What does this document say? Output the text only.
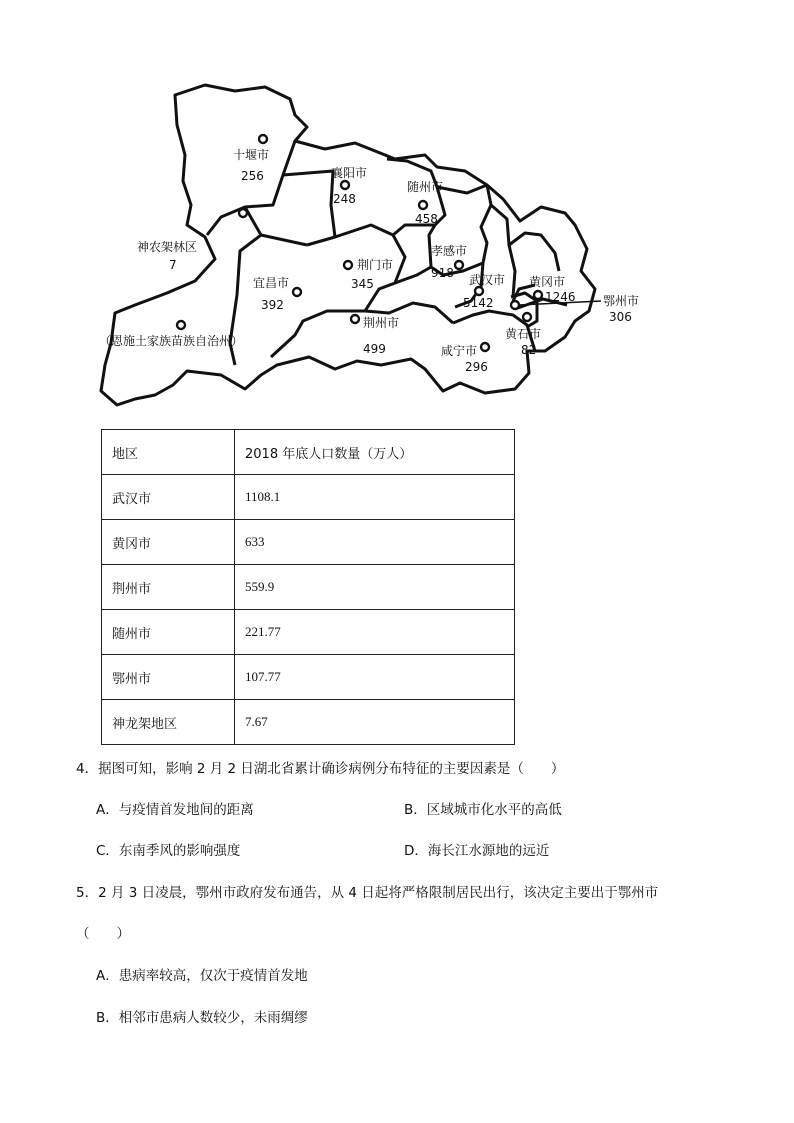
十堰市
256	襄阳市
248
随州市
458
神农架林区
7
宜昌市
392
荆门市
345
孝感市
918 武汉市
5142
黄冈市
1246 鄂州市
306
（恩施土家族苗族自治州）
荆州市
499	咸宁市
296
黄石市
82
地区	2018 年底人口数量（万人）
武汉市	1108.1
黄冈市	633
荆州市	559.9
随州市	221.77
鄂州市	107.77
神龙架地区	7.67
4．据图可知，影响 2 月 2 日湖北省累计确诊病例分布特征的主要因素是（　　）
A．与疫情首发地间的距离	B．区域城市化水平的高低
C．东南季风的影响强度	D．海长江水源地的远近
5．2 月 3 日凌晨，鄂州市政府发布通告，从 4 日起将严格限制居民出行，该决定主要出于鄂州市
（　　）
A．患病率较高，仅次于疫情首发地
B．相邻市患病人数较少，未雨绸缪
